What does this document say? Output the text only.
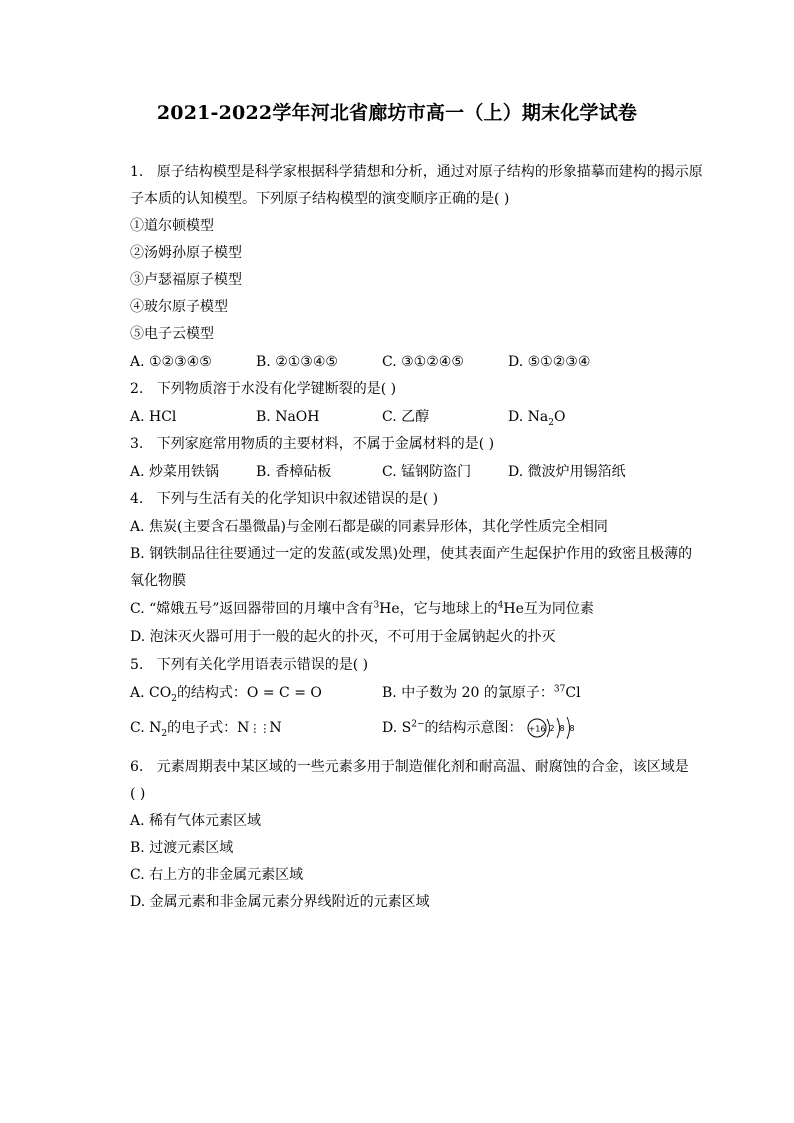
2021-2022学年河北省廊坊市高一（上）期末化学试卷
1. 原子结构模型是科学家根据科学猜想和分析，通过对原子结构的形象描摹而建构的揭示原
子本质的认知模型。下列原子结构模型的演变顺序正确的是( )
①道尔顿模型
②汤姆孙原子模型
③卢瑟福原子模型
④玻尔原子模型
⑤电子云模型
A. ①②③④⑤	B. ②①③④⑤	C. ③①②④⑤	D. ⑤①②③④
2. 下列物质溶于水没有化学键断裂的是( )
A. HCl	B. NaOH	C. 乙醇	D. $Na_2O$
3. 下列家庭常用物质的主要材料，不属于金属材料的是( )
A. 炒菜用铁锅	B. 香樟砧板	C. 锰钢防盗门	D. 微波炉用锡箔纸
4. 下列与生活有关的化学知识中叙述错误的是( )
A. 焦炭(主要含石墨微晶)与金刚石都是碳的同素异形体，其化学性质完全相同
B. 钢铁制品往往要通过一定的发蓝(或发黑)处理，使其表面产生起保护作用的致密且极薄的
氧化物膜
C. “嫦娥五号”返回器带回的月壤中含有$^3$He，它与地球上的$^4$He互为同位素
D. 泡沫灭火器可用于一般的起火的扑灭，不可用于金属钠起火的扑灭
5. 下列有关化学用语表示错误的是( )
A. $CO_2$的结构式：O = C = O	B. 中子数为 20 的氯原子：$^{37}$Cl
C. $N_2$的电子式：N⋮⋮N	D. $S^{2-}$的结构示意图： +16 2 8 8
6. 元素周期表中某区域的一些元素多用于制造催化剂和耐高温、耐腐蚀的合金，该区域是
( )
A. 稀有气体元素区域
B. 过渡元素区域
C. 右上方的非金属元素区域
D. 金属元素和非金属元素分界线附近的元素区域
